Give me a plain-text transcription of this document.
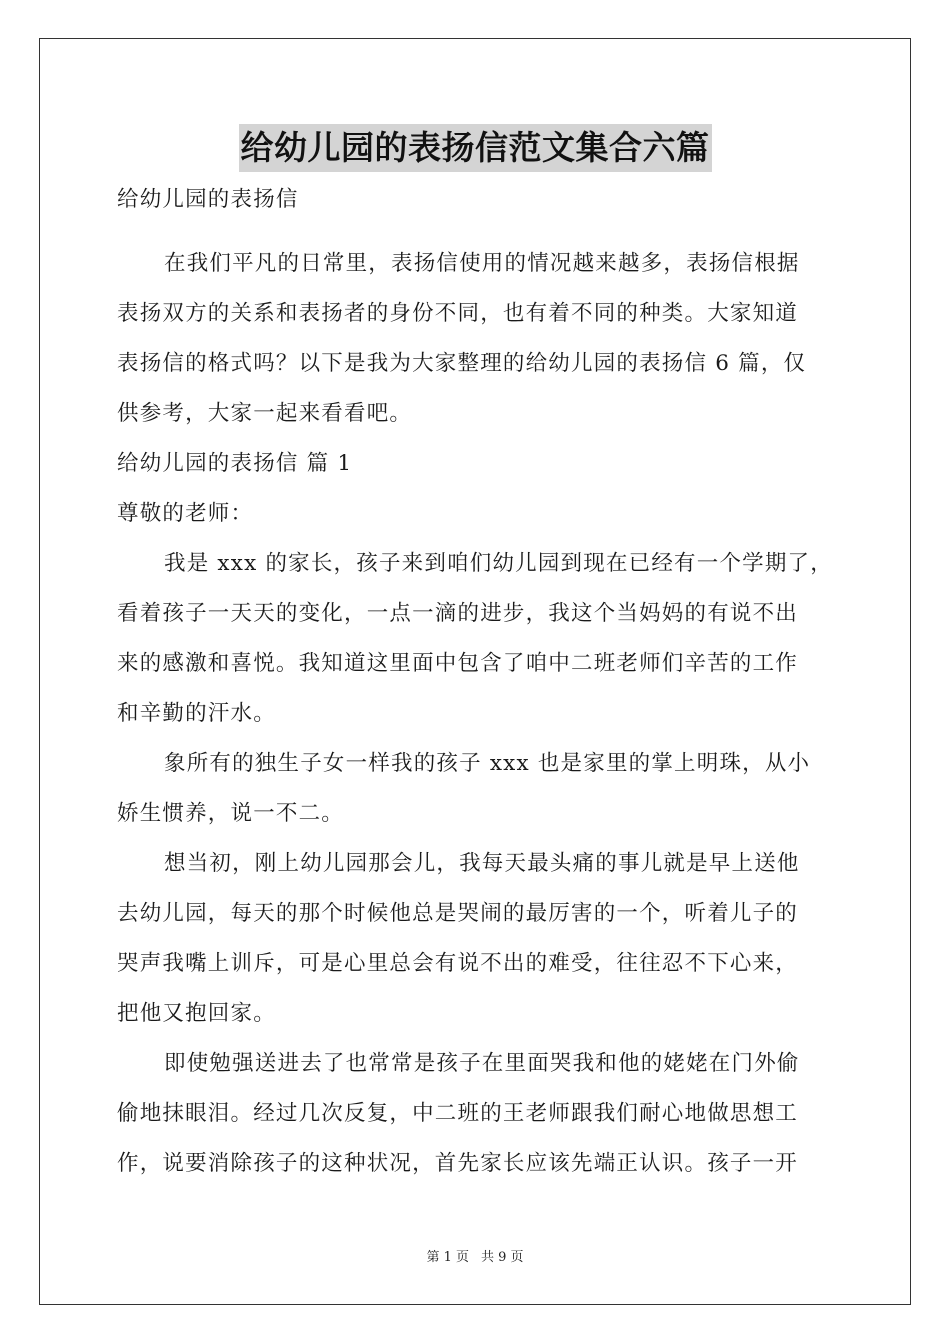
给幼儿园的表扬信范文集合六篇
给幼儿园的表扬信
在我们平凡的日常里，表扬信使用的情况越来越多，表扬信根据
表扬双方的关系和表扬者的身份不同，也有着不同的种类。大家知道
表扬信的格式吗？以下是我为大家整理的给幼儿园的表扬信 6 篇，仅
供参考，大家一起来看看吧。
给幼儿园的表扬信 篇 1
尊敬的老师：
我是 xxx 的家长，孩子来到咱们幼儿园到现在已经有一个学期了，
看着孩子一天天的变化，一点一滴的进步，我这个当妈妈的有说不出
来的感激和喜悦。我知道这里面中包含了咱中二班老师们辛苦的工作
和辛勤的汗水。
象所有的独生子女一样我的孩子 xxx 也是家里的掌上明珠，从小
娇生惯养，说一不二。
想当初，刚上幼儿园那会儿，我每天最头痛的事儿就是早上送他
去幼儿园，每天的那个时候他总是哭闹的最厉害的一个，听着儿子的
哭声我嘴上训斥，可是心里总会有说不出的难受，往往忍不下心来，
把他又抱回家。
即使勉强送进去了也常常是孩子在里面哭我和他的姥姥在门外偷
偷地抹眼泪。经过几次反复，中二班的王老师跟我们耐心地做思想工
作，说要消除孩子的这种状况，首先家长应该先端正认识。孩子一开
第 1 页 共 9 页
